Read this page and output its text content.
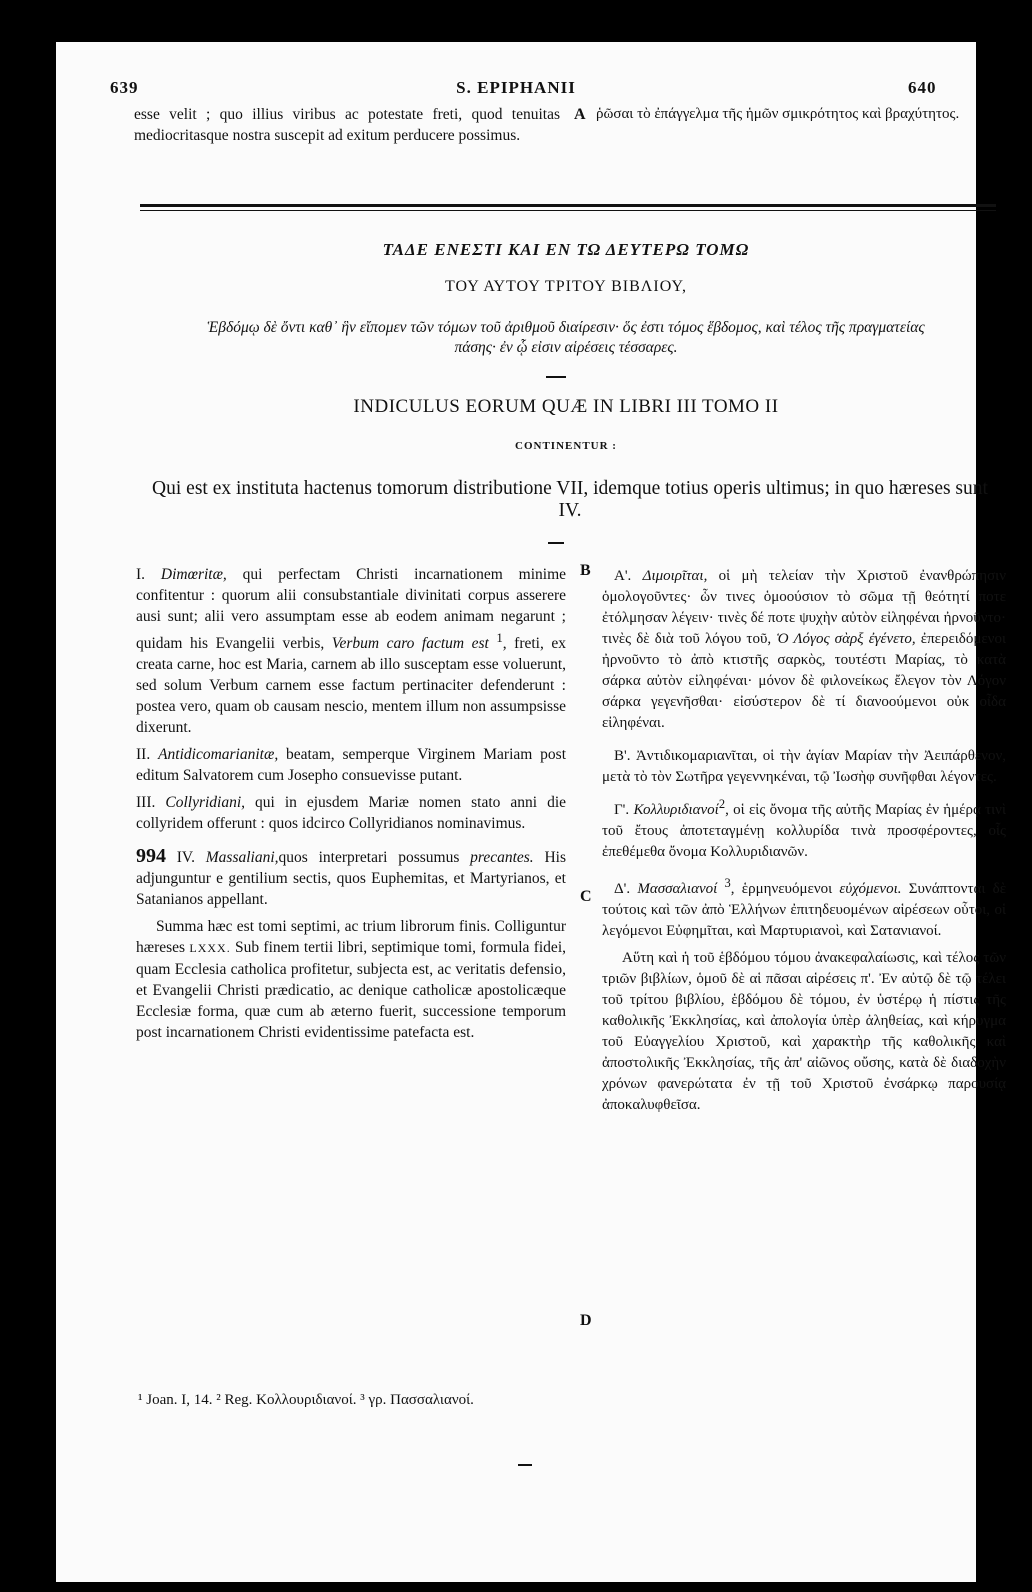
639	S. EPIPHANII	640
esse velit ; quo illius viribus ac potestate freti, quod tenuitas mediocritasque nostra suscepit ad exitum perducere possimus.
A ῥῶσαι τὸ ἐπάγγελμα τῆς ἡμῶν σμικρότητος καὶ βραχύτητος.
ΤΑΔΕ ΕΝΕΣΤΙ ΚΑΙ ΕΝ ΤΩ ΔΕΥΤΕΡΩ ΤΟΜΩ
ΤΟΥ ΑΥΤΟΥ ΤΡΙΤΟΥ ΒΙΒΛΙΟΥ,
Ἑβδόμῳ δὲ ὄντι καθ᾽ ἣν εἴπομεν τῶν τόμων τοῦ ἀριθμοῦ διαίρεσιν· ὅς ἐστι τόμος ἕβδομος, καὶ τέλος τῆς πραγματείας πάσης· ἐν ᾧ εἰσιν αἱρέσεις τέσσαρες.
INDICULUS EORUM QUÆ IN LIBRI III TOMO II
CONTINENTUR :
Qui est ex instituta hactenus tomorum distributione VII, idemque totius operis ultimus; in quo hæreses sunt IV.

I. Dimœritæ, qui perfectam Christi incarnationem minime confitentur : quorum alii consubstantiale divinitati corpus asserere ausi sunt; alii vero assumptam esse ab eodem animam negarunt ; quidam his Evangelii verbis, Verbum caro factum est $^1$, freti, ex creata carne, hoc est Maria, carnem ab illo susceptam esse voluerunt, sed solum Verbum carnem esse factum pertinaciter defenderunt : postea vero, quam ob causam nescio, mentem illum non assumpsisse dixerunt.

II. Antidicomarianitæ, beatam, semperque Virginem Mariam post editum Salvatorem cum Josepho consuevisse putant.

III. Collyridiani, qui in ejusdem Mariæ nomen stato anni die collyridem offerunt : quos idcirco Collyridianos nominavimus.

994 IV. Massaliani,quos interpretari possumus precantes. His adjunguntur e gentilium sectis, quos Euphemitas, et Martyrianos, et Satanianos appellant.

Summa hæc est tomi septimi, ac trium librorum finis. Colliguntur hæreses LXXX. Sub finem tertii libri, septimique tomi, formula fidei, quam Ecclesia catholica profitetur, subjecta est, ac veritatis defensio, et Evangelii Christi prædicatio, ac denique catholicæ apostolicæque Ecclesiæ forma, quæ cum ab æterno fuerit, successione temporum post incarnationem Christi evidentissime patefacta est.

B
C
D

Α'. Διμοιρῖται, οἱ μὴ τελείαν τὴν Χριστοῦ ἐνανθρώπησιν ὁμολογοῦντες· ὧν τινες ὁμοούσιον τὸ σῶμα τῇ θεότητί ποτε ἐτόλμησαν λέγειν· τινὲς δέ ποτε ψυχὴν αὐτὸν εἰληφέναι ἠρνοῦντο· τινὲς δὲ διὰ τοῦ λόγου τοῦ, Ὁ Λόγος σὰρξ ἐγένετο, ἐπερειδόμενοι ἠρνοῦντο τὸ ἀπὸ κτιστῆς σαρκὸς, τουτέστι Μαρίας, τὸ κατὰ σάρκα αὐτὸν εἰληφέναι· μόνον δὲ φιλονείκως ἔλεγον τὸν Λόγον σάρκα γεγενῆσθαι· εἰσύστερον δὲ τί διανοούμενοι οὐκ οἶδα εἰληφέναι.

Β'. Ἀντιδικομαριανῖται, οἱ τὴν ἁγίαν Μαρίαν τὴν Ἀειπάρθενον, μετὰ τὸ τὸν Σωτῆρα γεγεννηκέναι, τῷ Ἰωσὴφ συνῆφθαι λέγοντες.

Γ'. Κολλυριδιανοί$^2$, οἱ εἰς ὄνομα τῆς αὐτῆς Μαρίας ἐν ἡμέρᾳ τινὶ τοῦ ἔτους ἀποτεταγμένῃ κολλυρίδα τινὰ προσφέροντες, οἷς ἐπεθέμεθα ὄνομα Κολλυριδιανῶν.

Δ'. Μασσαλιανοί $^3$, ἑρμηνευόμενοι εὐχόμενοι. Συνάπτονται δὲ τούτοις καὶ τῶν ἀπὸ Ἑλλήνων ἐπιτηδευομένων αἱρέσεων οὗτοι, οἱ λεγόμενοι Εὐφημῖται, καὶ Μαρτυριανοὶ, καὶ Σατανιανοί.

Αὕτη καὶ ἡ τοῦ ἑβδόμου τόμου ἀνακεφαλαίωσις, καὶ τέλος τῶν τριῶν βιβλίων, ὁμοῦ δὲ αἱ πᾶσαι αἱρέσεις π'. Ἐν αὐτῷ δὲ τῷ τέλει τοῦ τρίτου βιβλίου, ἑβδόμου δὲ τόμου, ἐν ὑστέρῳ ἡ πίστις τῆς καθολικῆς Ἐκκλησίας, καὶ ἀπολογία ὑπὲρ ἀληθείας, καὶ κήρυγμα τοῦ Εὐαγγελίου Χριστοῦ, καὶ χαρακτὴρ τῆς καθολικῆς καὶ ἀποστολικῆς Ἐκκλησίας, τῆς ἀπ' αἰῶνος οὔσης, κατὰ δὲ διαδοχὴν χρόνων φανερώτατα ἐν τῇ τοῦ Χριστοῦ ἐνσάρκῳ παρουσίᾳ ἀποκαλυφθεῖσα.

¹ Joan. I, 14. ² Reg. Κολλουριδιανοί. ³ γρ. Πασσαλιανοί.
